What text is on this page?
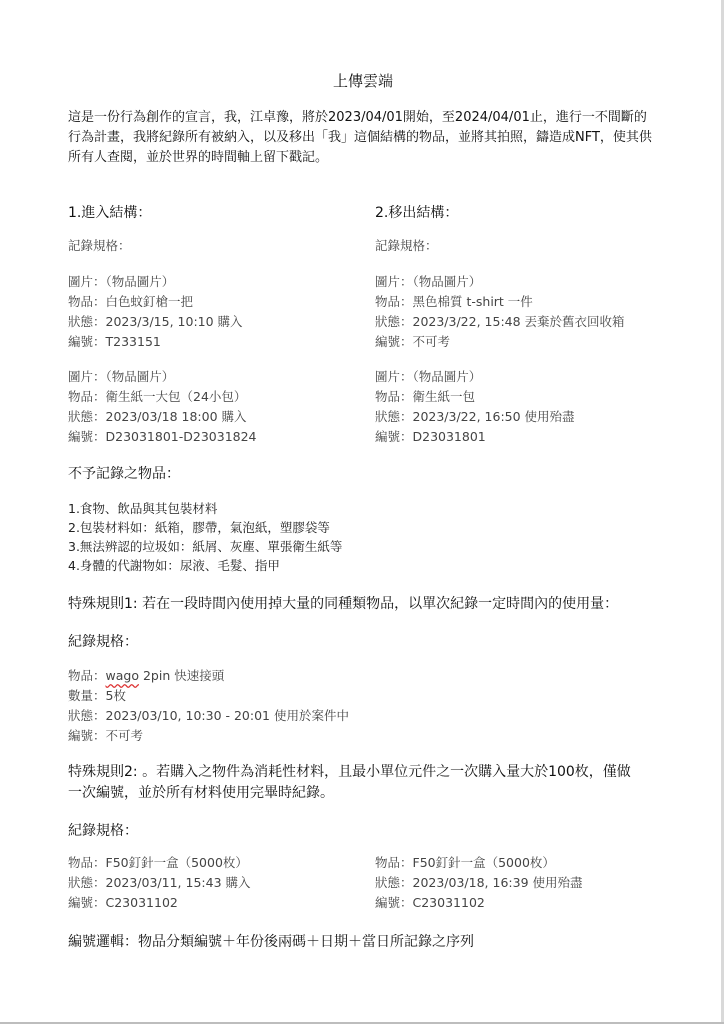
上傳雲端
這是一份行為創作的宣言，我，江卓豫，將於2023/04/01開始，至2024/04/01止，進行一不間斷的行為計畫，我將紀錄所有被納入，以及移出「我」這個結構的物品，並將其拍照，鑄造成NFT，使其供所有人查閱，並於世界的時間軸上留下戳記。
1.進入結構：
記錄規格：
圖片：（物品圖片）
物品：白色蚊釘槍一把
狀態：2023/3/15, 10:10 購入
編號：T233151
圖片：（物品圖片）
物品：衛生紙一大包（24小包）
狀態：2023/03/18 18:00 購入
編號：D23031801-D23031824
2.移出結構：
記錄規格：
圖片：（物品圖片）
物品：黑色棉質 t-shirt 一件
狀態：2023/3/22, 15:48 丟棄於舊衣回收箱
編號：不可考
圖片：（物品圖片）
物品：衛生紙一包
狀態：2023/3/22, 16:50 使用殆盡
編號：D23031801
不予記錄之物品：
1.食物、飲品與其包裝材料
2.包裝材料如：紙箱，膠帶，氣泡紙，塑膠袋等
3.無法辨認的垃圾如：紙屑、灰塵、單張衛生紙等
4.身體的代謝物如：尿液、毛髮、指甲
特殊規則1: 若在一段時間內使用掉大量的同種類物品，以單次紀錄一定時間內的使用量：
紀錄規格：
物品：wago 2pin 快速接頭
數量：5枚
狀態：2023/03/10, 10:30 - 20:01 使用於案件中
編號：不可考
特殊規則2: 。若購入之物件為消耗性材料，且最小單位元件之一次購入量大於100枚，僅做
一次編號，並於所有材料使用完畢時紀錄。
紀錄規格：
物品：F50釘針一盒（5000枚）
狀態：2023/03/11, 15:43 購入
編號：C23031102
物品：F50釘針一盒（5000枚）
狀態：2023/03/18, 16:39 使用殆盡
編號：C23031102
編號邏輯：物品分類編號＋年份後兩碼＋日期＋當日所記錄之序列
